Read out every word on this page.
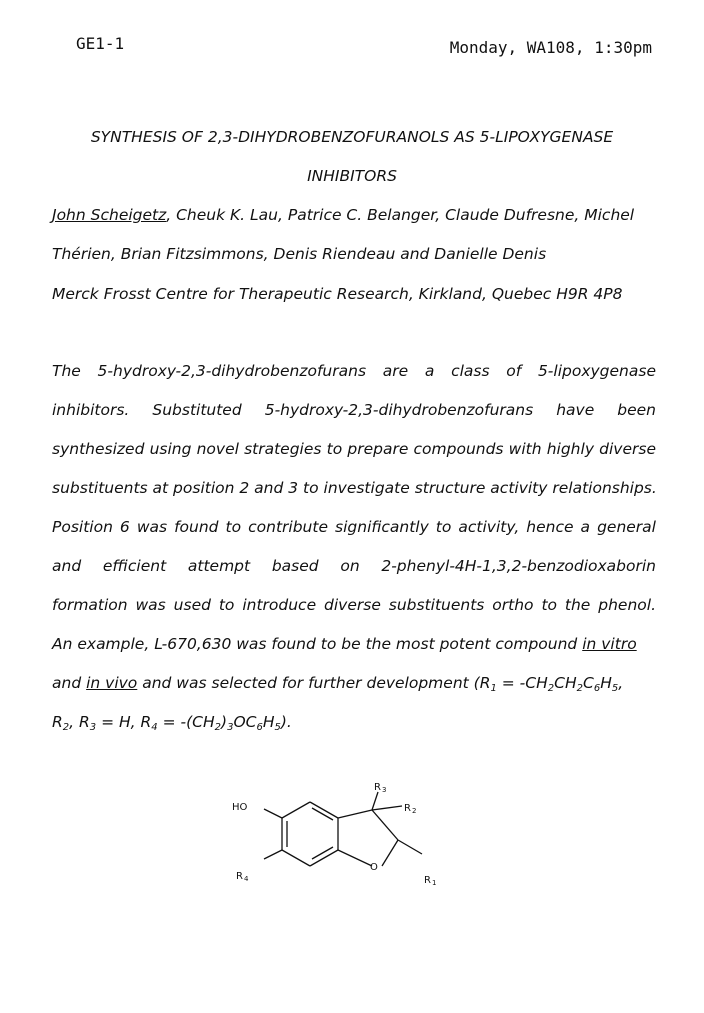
GE1-1	Monday, WA108, 1:30pm
SYNTHESIS OF 2,3-DIHYDROBENZOFURANOLS AS 5-LIPOXYGENASE
INHIBITORS
John Scheigetz, Cheuk K. Lau, Patrice C. Belanger, Claude Dufresne, Michel
Thérien, Brian Fitzsimmons, Denis Riendeau and Danielle Denis
Merck Frosst Centre for Therapeutic Research, Kirkland, Quebec H9R 4P8
The 5-hydroxy-2,3-dihydrobenzofurans are a class of 5-lipoxygenase
inhibitors. Substituted 5-hydroxy-2,3-dihydrobenzofurans have been
synthesized using novel strategies to prepare compounds with highly diverse
substituents at position 2 and 3 to investigate structure activity relationships.
Position 6 was found to contribute significantly to activity, hence a general
and efficient attempt based on 2-phenyl-4H-1,3,2-benzodioxaborin
formation was used to introduce diverse substituents ortho to the phenol.
An example, L-670,630 was found to be the most potent compound in vitro
and in vivo and was selected for further development ($R_1 = -CH_2CH_2C_6H_5$,
$R_2$, $R_3 = H$, $R_4 = -(CH_2)_3OC_6H_5$).
HO
R 4
O
R 3
R 2
R 1
